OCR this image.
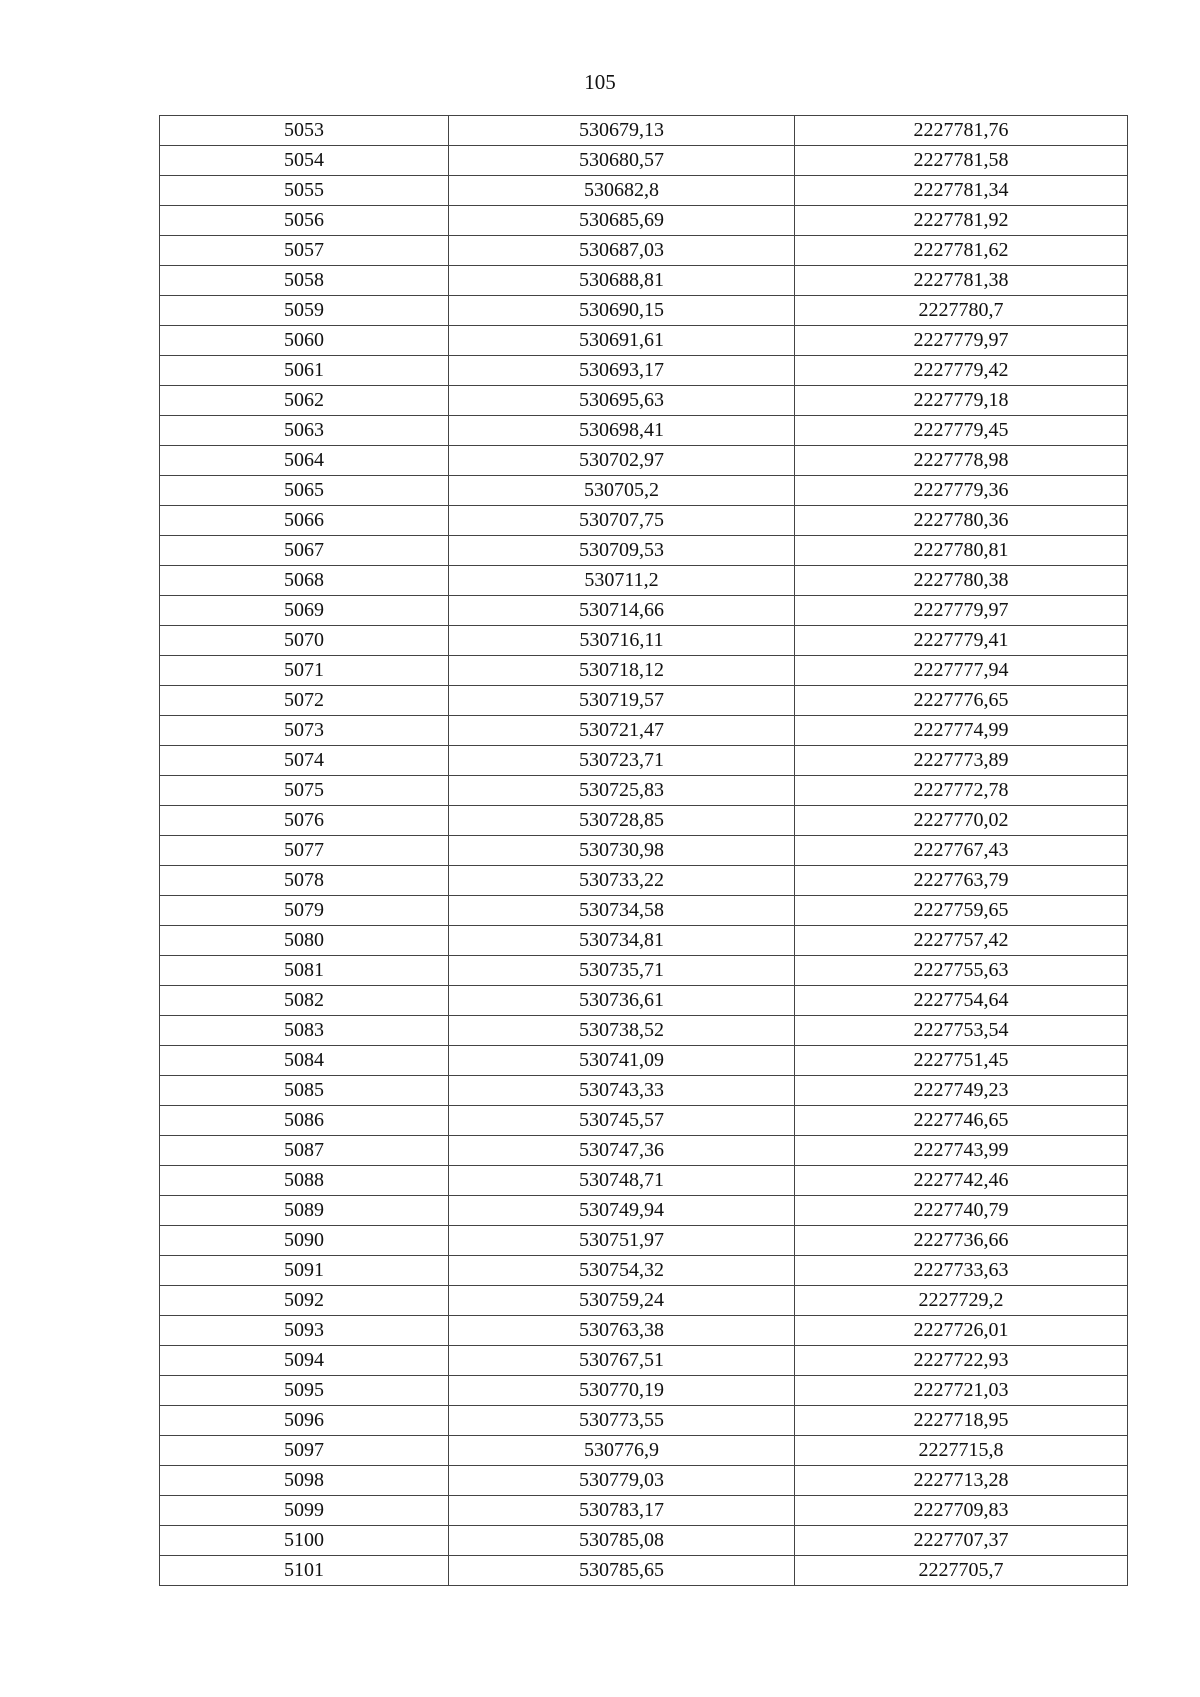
105
5053	530679,13	2227781,76
5054	530680,57	2227781,58
5055	530682,8	2227781,34
5056	530685,69	2227781,92
5057	530687,03	2227781,62
5058	530688,81	2227781,38
5059	530690,15	2227780,7
5060	530691,61	2227779,97
5061	530693,17	2227779,42
5062	530695,63	2227779,18
5063	530698,41	2227779,45
5064	530702,97	2227778,98
5065	530705,2	2227779,36
5066	530707,75	2227780,36
5067	530709,53	2227780,81
5068	530711,2	2227780,38
5069	530714,66	2227779,97
5070	530716,11	2227779,41
5071	530718,12	2227777,94
5072	530719,57	2227776,65
5073	530721,47	2227774,99
5074	530723,71	2227773,89
5075	530725,83	2227772,78
5076	530728,85	2227770,02
5077	530730,98	2227767,43
5078	530733,22	2227763,79
5079	530734,58	2227759,65
5080	530734,81	2227757,42
5081	530735,71	2227755,63
5082	530736,61	2227754,64
5083	530738,52	2227753,54
5084	530741,09	2227751,45
5085	530743,33	2227749,23
5086	530745,57	2227746,65
5087	530747,36	2227743,99
5088	530748,71	2227742,46
5089	530749,94	2227740,79
5090	530751,97	2227736,66
5091	530754,32	2227733,63
5092	530759,24	2227729,2
5093	530763,38	2227726,01
5094	530767,51	2227722,93
5095	530770,19	2227721,03
5096	530773,55	2227718,95
5097	530776,9	2227715,8
5098	530779,03	2227713,28
5099	530783,17	2227709,83
5100	530785,08	2227707,37
5101	530785,65	2227705,7
